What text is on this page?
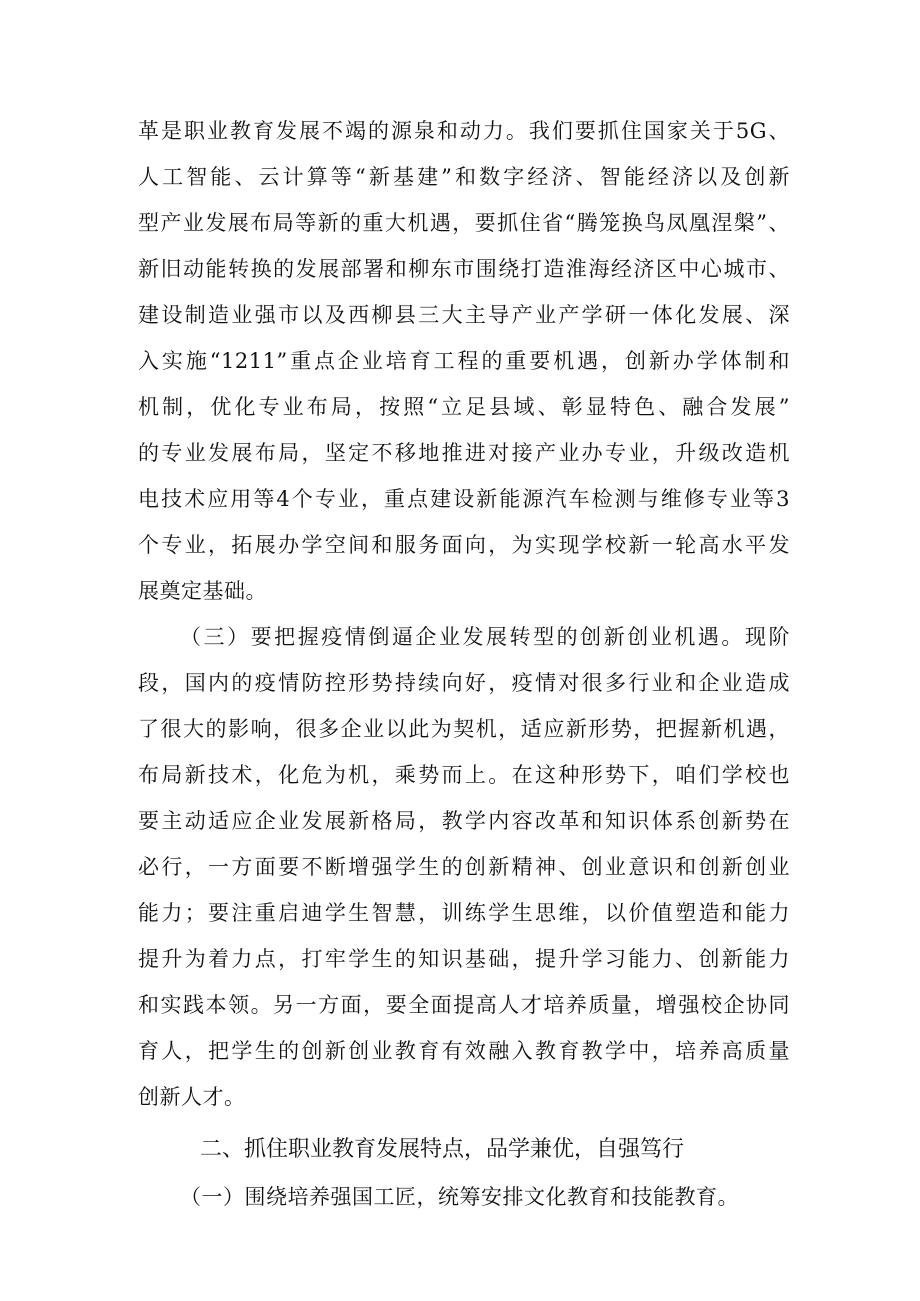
革是职业教育发展不竭的源泉和动力。我们要抓住国家关于5G、
人工智能、云计算等“新基建”和数字经济、智能经济以及创新
型产业发展布局等新的重大机遇，要抓住省“腾笼换鸟凤凰涅槃”、
新旧动能转换的发展部署和柳东市围绕打造淮海经济区中心城市、
建设制造业强市以及西柳县三大主导产业产学研一体化发展、深
入实施“1211”重点企业培育工程的重要机遇，创新办学体制和
机制，优化专业布局，按照“立足县域、彰显特色、融合发展”
的专业发展布局，坚定不移地推进对接产业办专业，升级改造机
电技术应用等4个专业，重点建设新能源汽车检测与维修专业等3
个专业，拓展办学空间和服务面向，为实现学校新一轮高水平发
展奠定基础。
（三）要把握疫情倒逼企业发展转型的创新创业机遇。现阶
段，国内的疫情防控形势持续向好，疫情对很多行业和企业造成
了很大的影响，很多企业以此为契机，适应新形势，把握新机遇，
布局新技术，化危为机，乘势而上。在这种形势下，咱们学校也
要主动适应企业发展新格局，教学内容改革和知识体系创新势在
必行，一方面要不断增强学生的创新精神、创业意识和创新创业
能力；要注重启迪学生智慧，训练学生思维，以价值塑造和能力
提升为着力点，打牢学生的知识基础，提升学习能力、创新能力
和实践本领。另一方面，要全面提高人才培养质量，增强校企协同
育人，把学生的创新创业教育有效融入教育教学中，培养高质量
创新人才。
二、抓住职业教育发展特点，品学兼优，自强笃行
（一）围绕培养强国工匠，统筹安排文化教育和技能教育。
